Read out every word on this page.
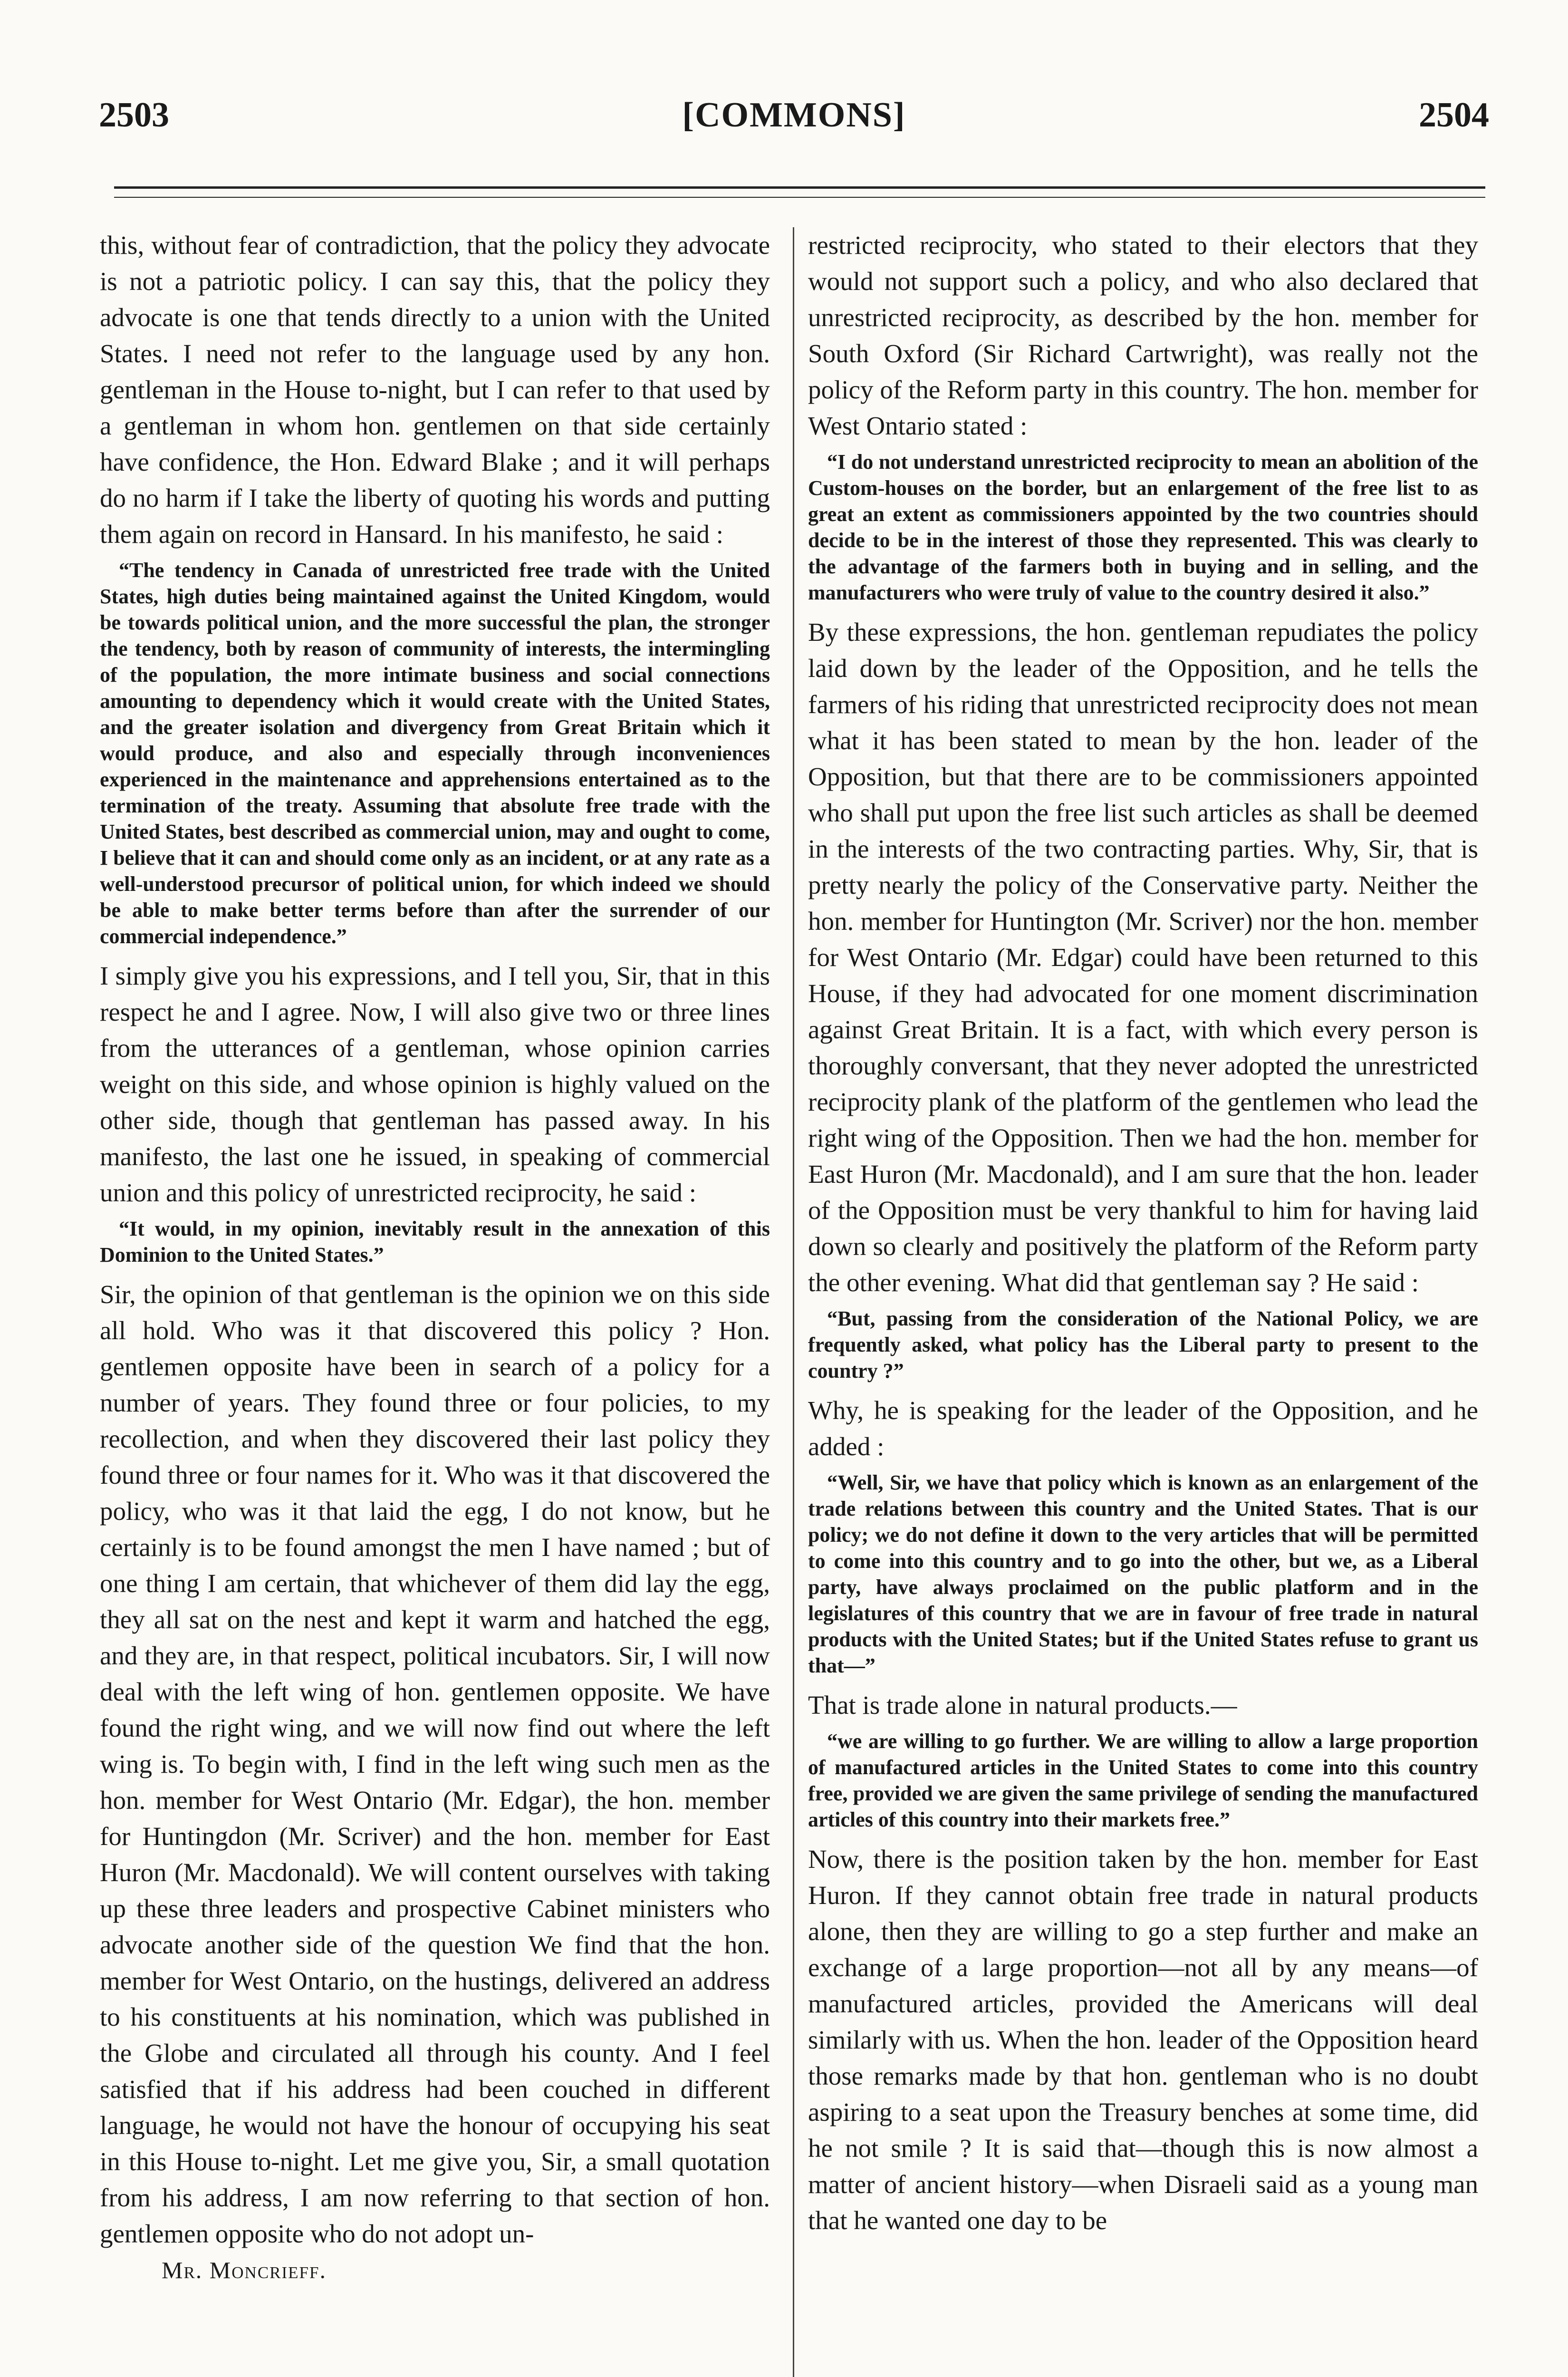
2503	[COMMONS]	2504

this, without fear of contradiction, that the policy they advocate is not a patriotic policy. I can say this, that the policy they advocate is one that tends directly to a union with the United States. I need not refer to the language used by any hon. gentleman in the House to-night, but I can refer to that used by a gentleman in whom hon. gentlemen on that side certainly have confidence, the Hon. Edward Blake ; and it will perhaps do no harm if I take the liberty of quoting his words and putting them again on record in Hansard. In his manifesto, he said :

“The tendency in Canada of unrestricted free trade with the United States, high duties being maintained against the United Kingdom, would be towards political union, and the more successful the plan, the stronger the tendency, both by reason of community of interests, the intermingling of the population, the more intimate business and social connections amounting to dependency which it would create with the United States, and the greater isolation and divergency from Great Britain which it would produce, and also and especially through inconveniences experienced in the maintenance and apprehensions entertained as to the termination of the treaty. Assuming that absolute free trade with the United States, best described as commercial union, may and ought to come, I believe that it can and should come only as an incident, or at any rate as a well-understood precursor of political union, for which indeed we should be able to make better terms before than after the surrender of our commercial independence.”

I simply give you his expressions, and I tell you, Sir, that in this respect he and I agree. Now, I will also give two or three lines from the utterances of a gentleman, whose opinion carries weight on this side, and whose opinion is highly valued on the other side, though that gentleman has passed away. In his manifesto, the last one he issued, in speaking of commercial union and this policy of unrestricted reciprocity, he said :

“It would, in my opinion, inevitably result in the annexation of this Dominion to the United States.”

Sir, the opinion of that gentleman is the opinion we on this side all hold. Who was it that discovered this policy ? Hon. gentlemen opposite have been in search of a policy for a number of years. They found three or four policies, to my recollection, and when they discovered their last policy they found three or four names for it. Who was it that discovered the policy, who was it that laid the egg, I do not know, but he certainly is to be found amongst the men I have named ; but of one thing I am certain, that whichever of them did lay the egg, they all sat on the nest and kept it warm and hatched the egg, and they are, in that respect, political incubators. Sir, I will now deal with the left wing of hon. gentlemen opposite. We have found the right wing, and we will now find out where the left wing is. To begin with, I find in the left wing such men as the hon. member for West Ontario (Mr. Edgar), the hon. member for Huntingdon (Mr. Scriver) and the hon. member for East Huron (Mr. Macdonald). We will content ourselves with taking up these three leaders and prospective Cabinet ministers who advocate another side of the question We find that the hon. member for West Ontario, on the hustings, delivered an address to his constituents at his nomination, which was published in the Globe and circulated all through his county. And I feel satisfied that if his address had been couched in different language, he would not have the honour of occupying his seat in this House to-night. Let me give you, Sir, a small quotation from his address, I am now referring to that section of hon. gentlemen opposite who do not adopt un-

Mr. Moncrieff.

restricted reciprocity, who stated to their electors that they would not support such a policy, and who also declared that unrestricted reciprocity, as described by the hon. member for South Oxford (Sir Richard Cartwright), was really not the policy of the Reform party in this country. The hon. member for West Ontario stated :

“I do not understand unrestricted reciprocity to mean an abolition of the Custom-houses on the border, but an enlargement of the free list to as great an extent as commissioners appointed by the two countries should decide to be in the interest of those they represented. This was clearly to the advantage of the farmers both in buying and in selling, and the manufacturers who were truly of value to the country desired it also.”

By these expressions, the hon. gentleman repudiates the policy laid down by the leader of the Opposition, and he tells the farmers of his riding that unrestricted reciprocity does not mean what it has been stated to mean by the hon. leader of the Opposition, but that there are to be commissioners appointed who shall put upon the free list such articles as shall be deemed in the interests of the two contracting parties. Why, Sir, that is pretty nearly the policy of the Conservative party. Neither the hon. member for Huntington (Mr. Scriver) nor the hon. member for West Ontario (Mr. Edgar) could have been returned to this House, if they had advocated for one moment discrimination against Great Britain. It is a fact, with which every person is thoroughly conversant, that they never adopted the unrestricted reciprocity plank of the platform of the gentlemen who lead the right wing of the Opposition. Then we had the hon. member for East Huron (Mr. Macdonald), and I am sure that the hon. leader of the Opposition must be very thankful to him for having laid down so clearly and positively the platform of the Reform party the other evening. What did that gentleman say ? He said :

“But, passing from the consideration of the National Policy, we are frequently asked, what policy has the Liberal party to present to the country ?”

Why, he is speaking for the leader of the Opposition, and he added :

“Well, Sir, we have that policy which is known as an enlargement of the trade relations between this country and the United States. That is our policy; we do not define it down to the very articles that will be permitted to come into this country and to go into the other, but we, as a Liberal party, have always proclaimed on the public platform and in the legislatures of this country that we are in favour of free trade in natural products with the United States; but if the United States refuse to grant us that—”

That is trade alone in natural products.—

“we are willing to go further. We are willing to allow a large proportion of manufactured articles in the United States to come into this country free, provided we are given the same privilege of sending the manufactured articles of this country into their markets free.”

Now, there is the position taken by the hon. member for East Huron. If they cannot obtain free trade in natural products alone, then they are willing to go a step further and make an exchange of a large proportion—not all by any means—of manufactured articles, provided the Americans will deal similarly with us. When the hon. leader of the Opposition heard those remarks made by that hon. gentleman who is no doubt aspiring to a seat upon the Treasury benches at some time, did he not smile ? It is said that—though this is now almost a matter of ancient history—when Disraeli said as a young man that he wanted one day to be
